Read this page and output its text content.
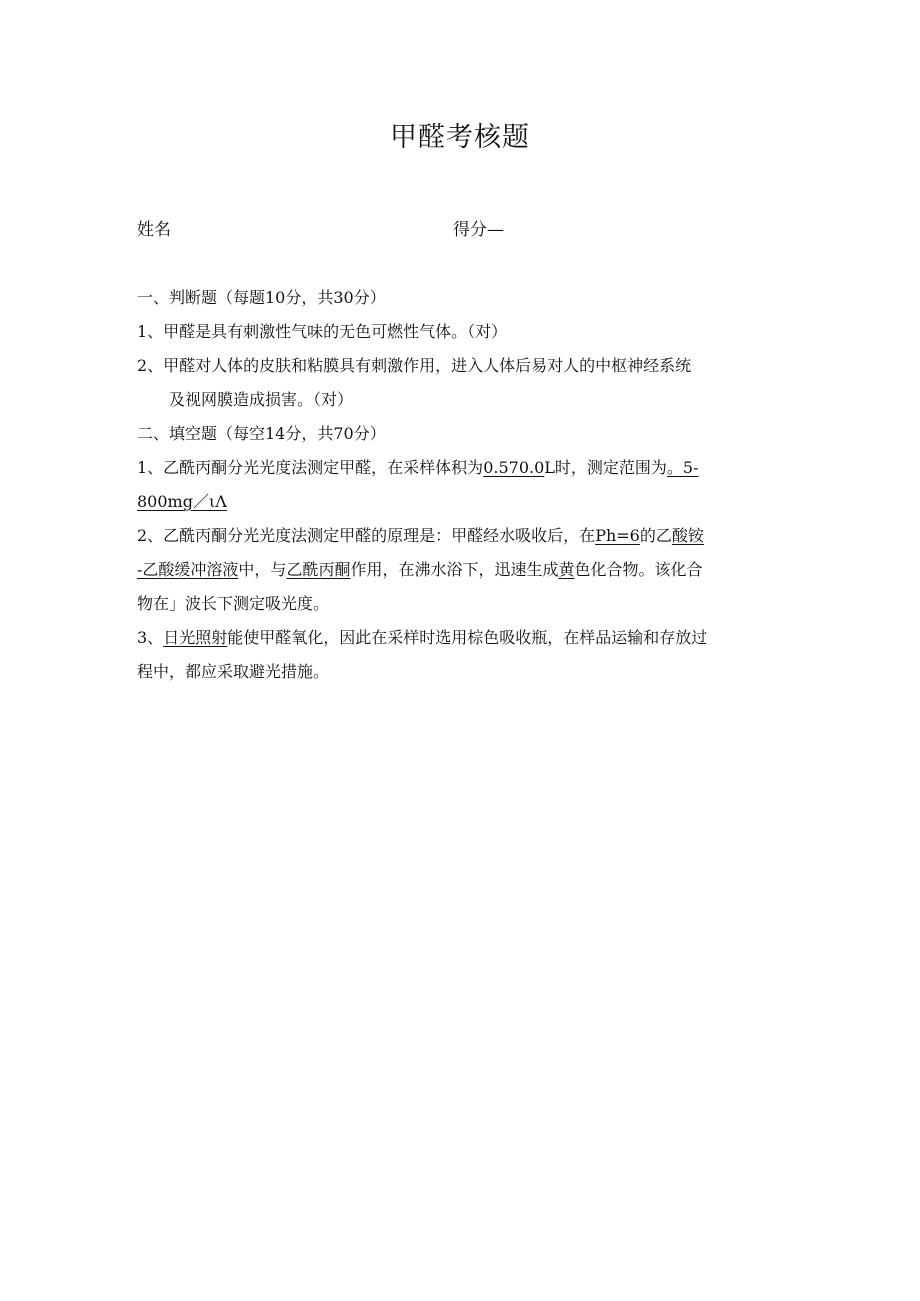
甲醛考核题
姓名	得分—
一、判断题（每题10分，共30分）
1、甲醛是具有刺激性气味的无色可燃性气体。（对）
2、甲醛对人体的皮肤和粘膜具有刺激作用，进入人体后易对人的中枢神经系统
及视网膜造成损害。（对）
二、填空题（每空14分，共70分）
1、乙酰丙酮分光光度法测定甲醛，在采样体积为0.570.0L时，测定范围为。5-
800mg／ιΛ
2、乙酰丙酮分光光度法测定甲醛的原理是：甲醛经水吸收后，在Ph=6的乙酸铵
-乙酸缓冲溶液中，与乙酰丙酮作用，在沸水浴下，迅速生成黄色化合物。该化合
物在」波长下测定吸光度。
3、日光照射能使甲醛氧化，因此在采样时选用棕色吸收瓶，在样品运输和存放过
程中，都应采取避光措施。
